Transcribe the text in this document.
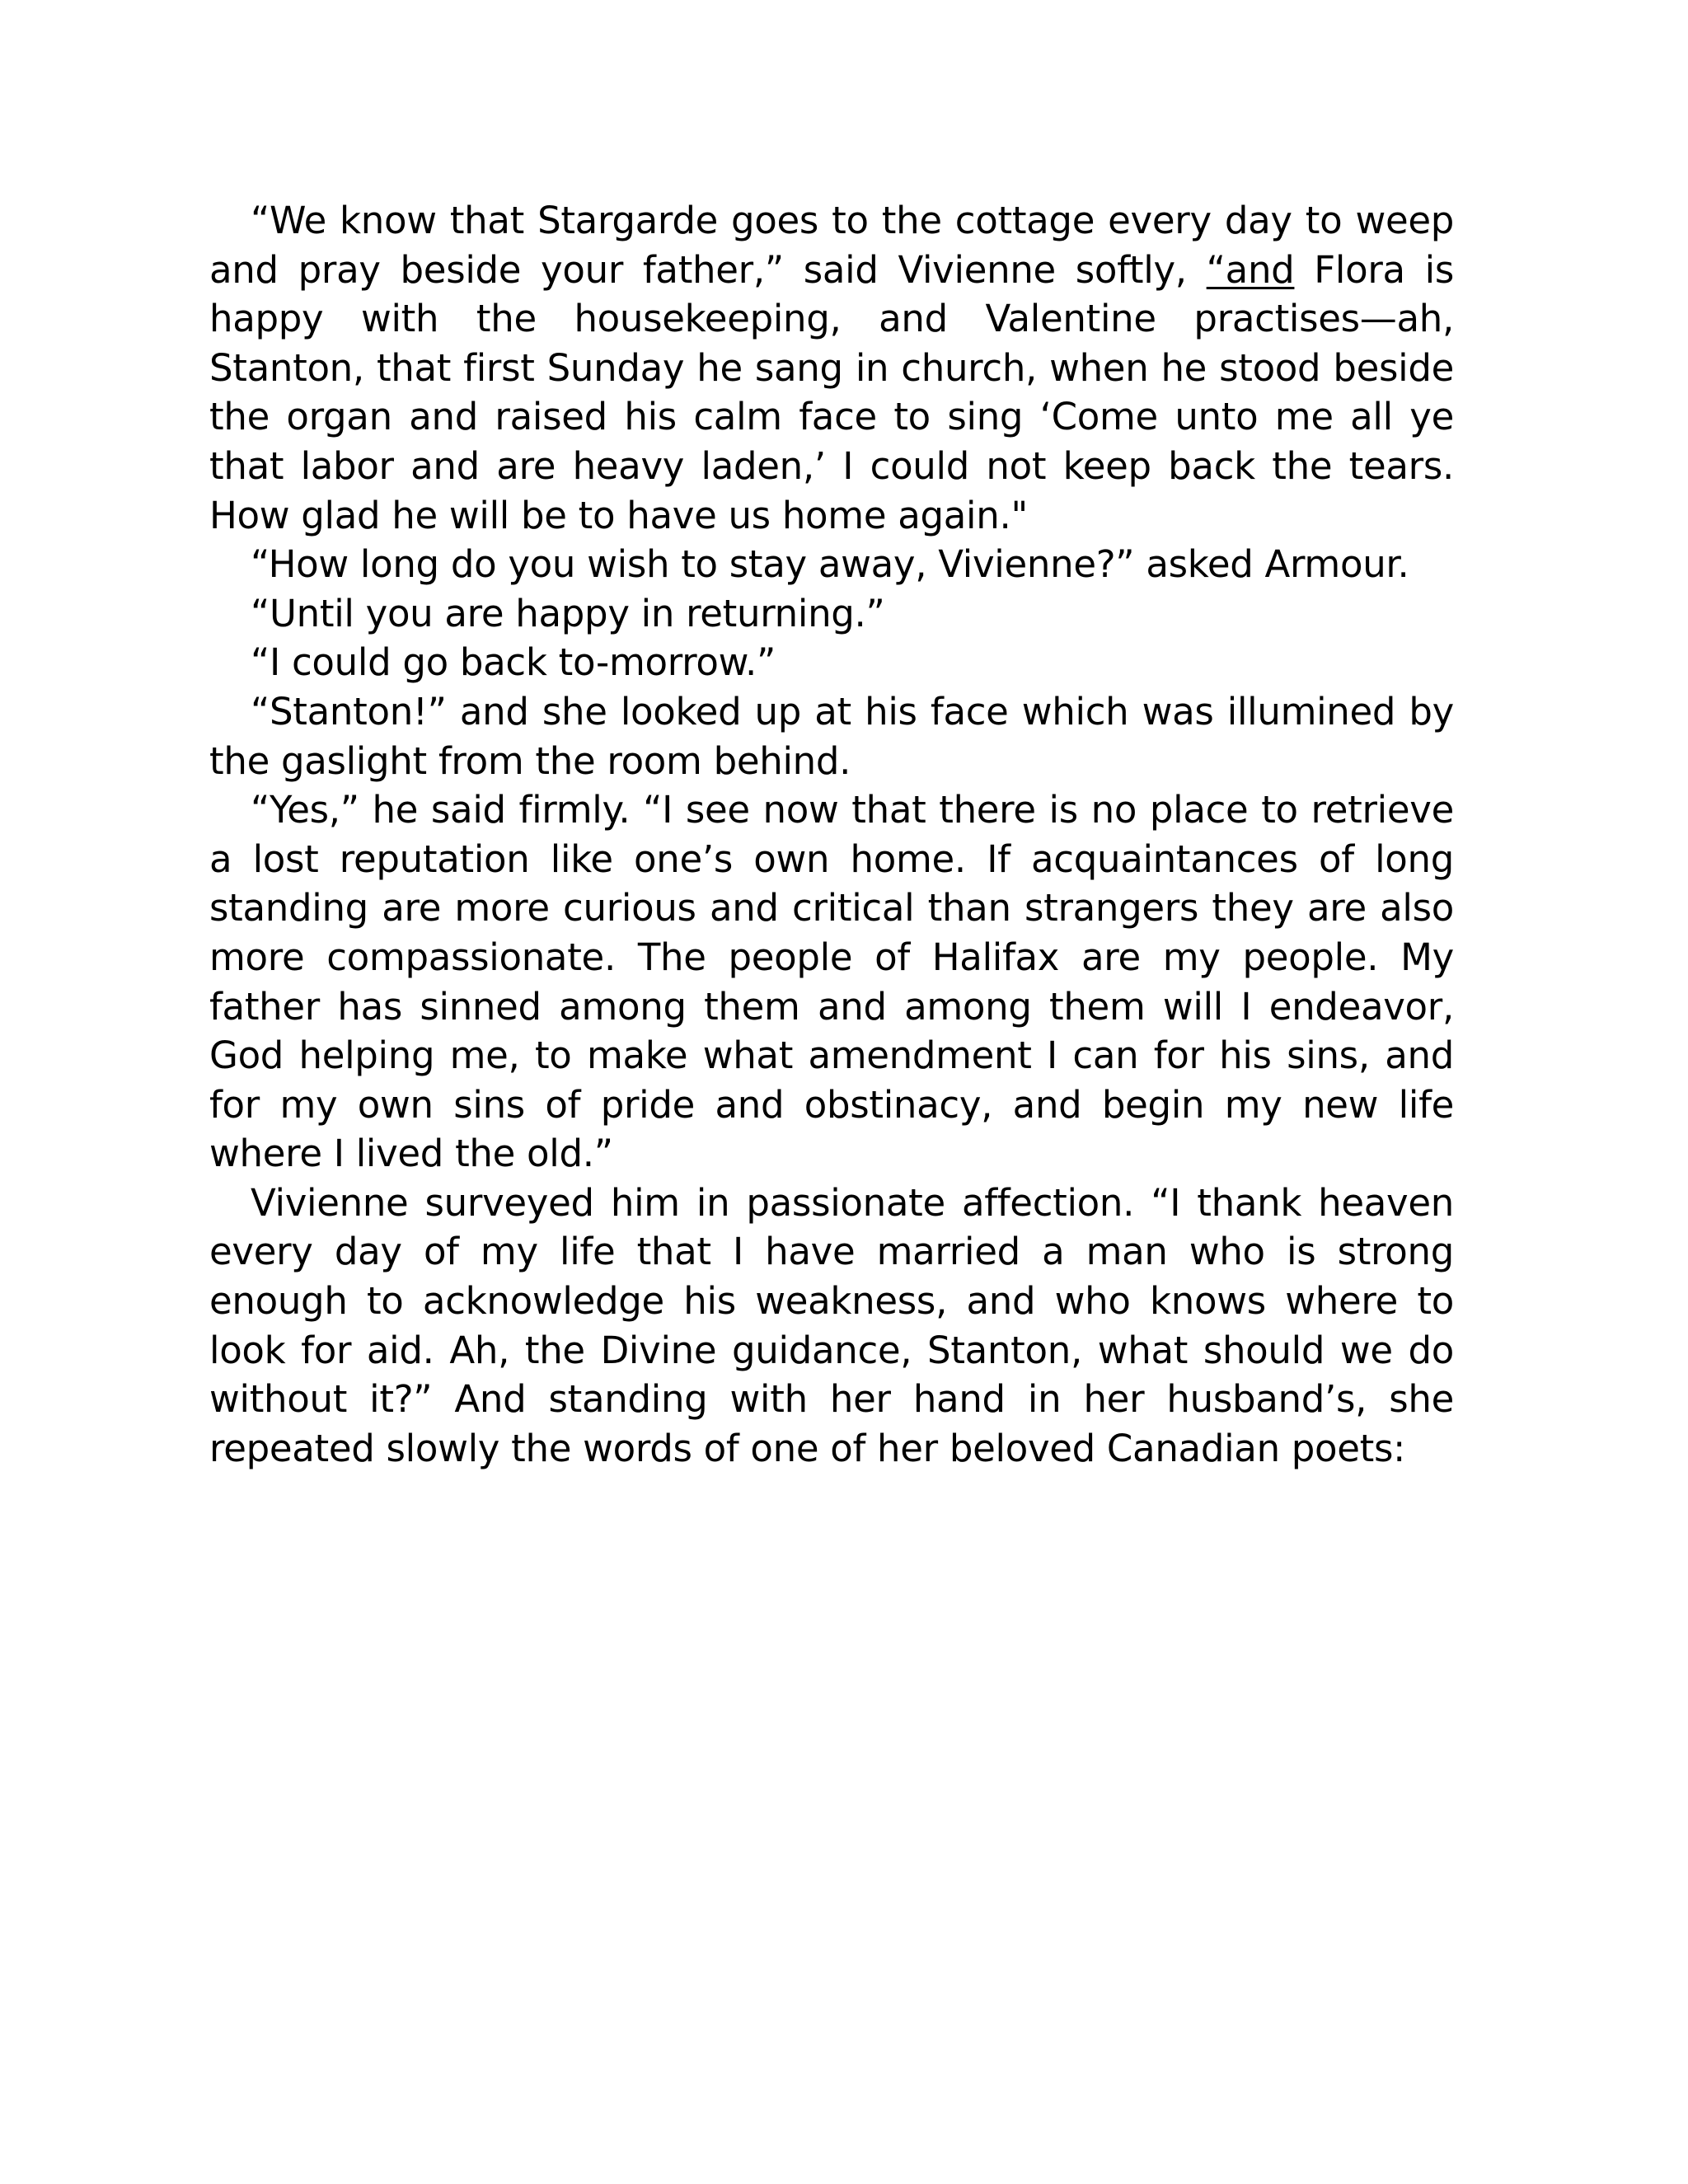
“We know that Stargarde goes to the cottage every day to weep and pray beside your father,” said Vivienne softly, “and Flora is happy with the housekeeping, and Valentine practises—ah, Stanton, that first Sunday he sang in church, when he stood beside the organ and raised his calm face to sing ‘Come unto me all ye that labor and are heavy laden,’ I could not keep back the tears. How glad he will be to have us home again."

“How long do you wish to stay away, Vivienne?” asked Armour.

“Until you are happy in returning.”

“I could go back to-morrow.”

“Stanton!” and she looked up at his face which was illumined by the gaslight from the room behind.

“Yes,” he said firmly. “I see now that there is no place to retrieve a lost reputation like one’s own home. If acquaintances of long standing are more curious and critical than strangers they are also more compassionate. The people of Halifax are my people. My father has sinned among them and among them will I endeavor, God helping me, to make what amendment I can for his sins, and for my own sins of pride and obstinacy, and begin my new life where I lived the old.”

Vivienne surveyed him in passionate affection. “I thank heaven every day of my life that I have married a man who is strong enough to acknowledge his weakness, and who knows where to look for aid. Ah, the Divine guidance, Stanton, what should we do without it?” And standing with her hand in her husband’s, she repeated slowly the words of one of her beloved Canadian poets:
